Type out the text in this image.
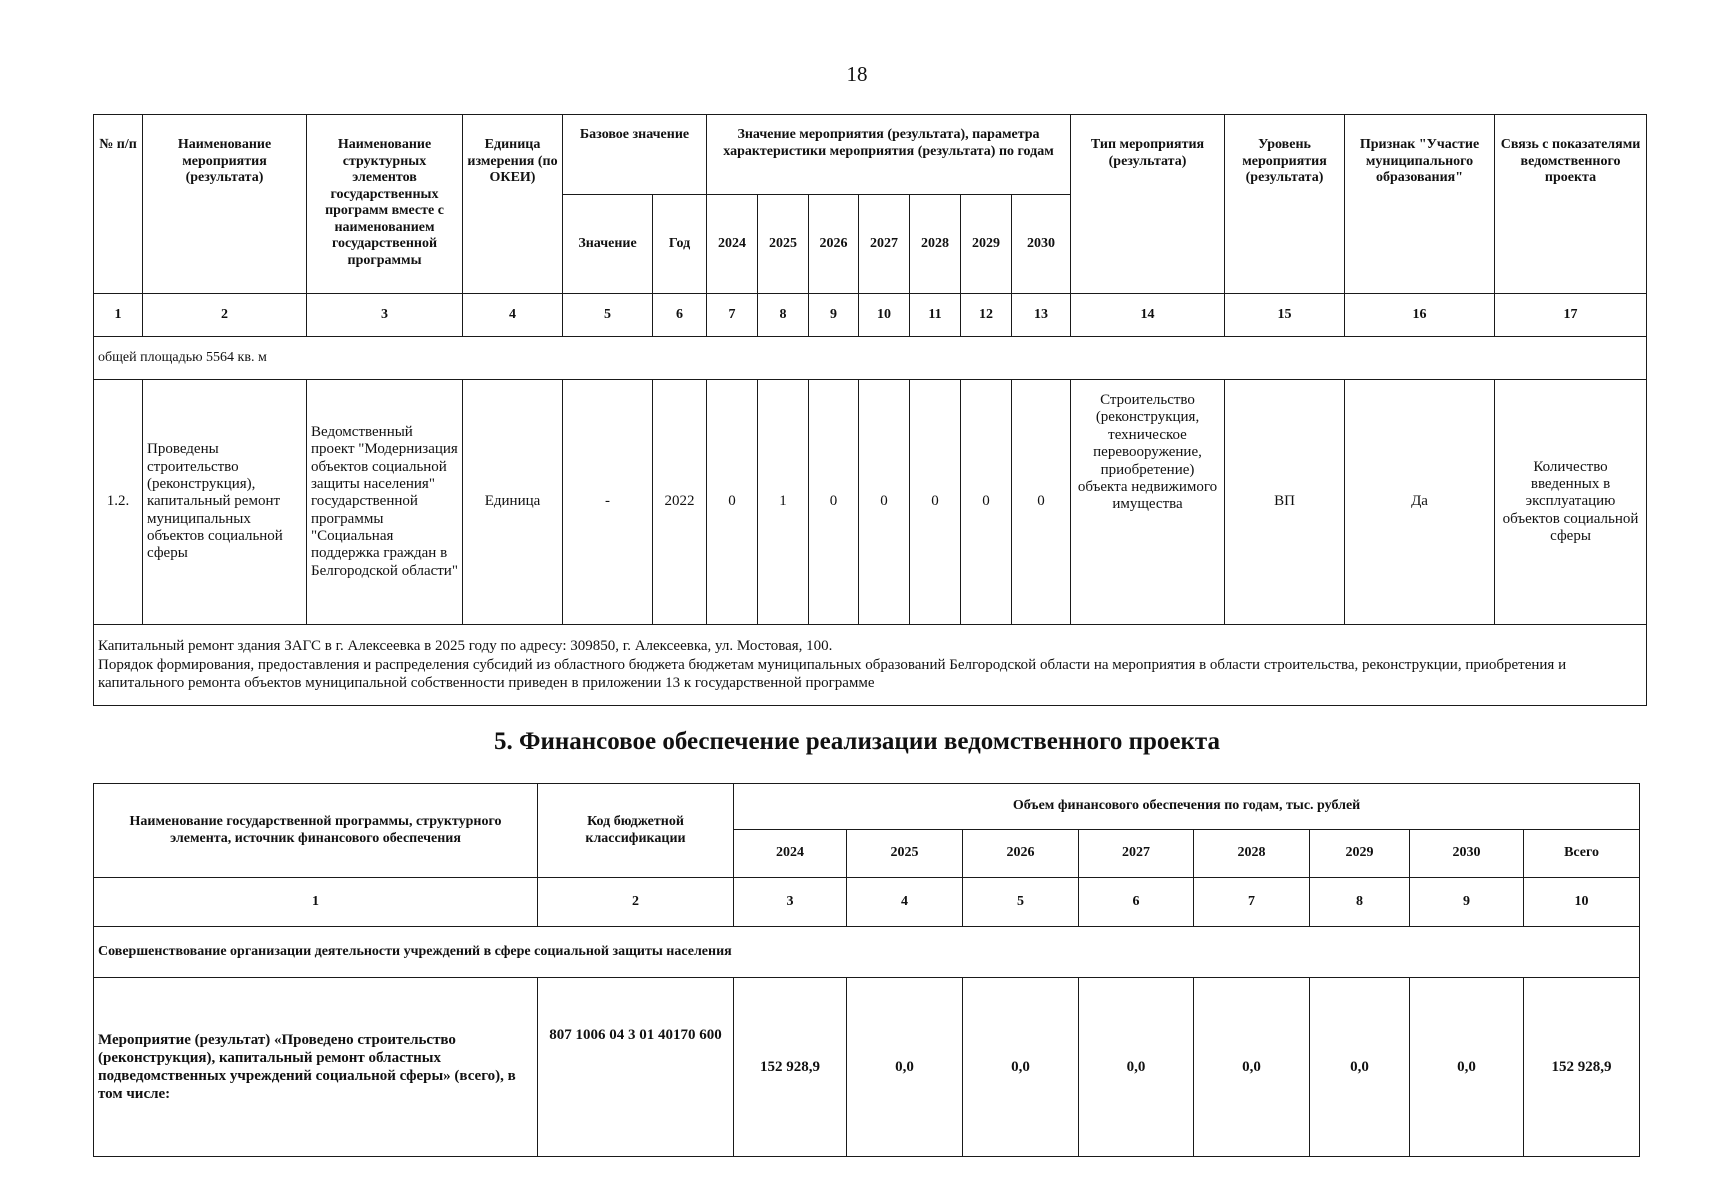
18
№ п/п	Наименование мероприятия (результата)	Наименование структурных элементов государственных программ вместе с наименованием государственной программы	Единица измерения (по ОКЕИ)	Базовое значение		Значение мероприятия (результата), параметра характеристики мероприятия (результата) по годам							Тип мероприятия (результата)	Уровень мероприятия (результата)	Признак "Участие муниципального образования"	Связь с показателями ведомственного проекта
				Значение	Год	2024	2025	2026	2027	2028	2029	2030				
1	2	3	4	5	6	7	8	9	10	11	12	13	14	15	16	17
общей площадью 5564 кв. м																
1.2.	Проведены строительство (реконструкция), капитальный ремонт муниципальных объектов социальной сферы	Ведомственный проект "Модернизация объектов социальной защиты населения" государственной программы "Социальная поддержка граждан в Белгородской области"	Единица	-	2022	0	1	0	0	0	0	0	Строительство (реконструкция, техническое перевооружение, приобретение) объекта недвижимого имущества	ВП	Да	Количество введенных в эксплуатацию объектов социальной сферы

Капитальный ремонт здания ЗАГС в г. Алексеевка в 2025 году по адресу: 309850, г. Алексеевка, ул. Мостовая, 100.
Порядок формирования, предоставления и распределения субсидий из областного бюджета бюджетам муниципальных образований Белгородской области на мероприятия в области строительства, реконструкции, приобретения и капитального ремонта объектов муниципальной собственности приведен в приложении 13 к государственной программе																
5. Финансовое обеспечение реализации ведомственного проекта
Наименование государственной программы, структурного элемента, источник финансового обеспечения	Код бюджетной классификации	Объем финансового обеспечения по годам, тыс. рублей							
		2024	2025	2026	2027	2028	2029	2030	Всего
1	2	3	4	5	6	7	8	9	10
Совершенствование организации деятельности учреждений в сфере социальной защиты населения									
Мероприятие (результат) «Проведено строительство (реконструкция), капитальный ремонт областных подведомственных учреждений социальной сферы» (всего), в том числе:	807 1006 04 3 01 40170 600	152 928,9	0,0	0,0	0,0	0,0	0,0	0,0	152 928,9
